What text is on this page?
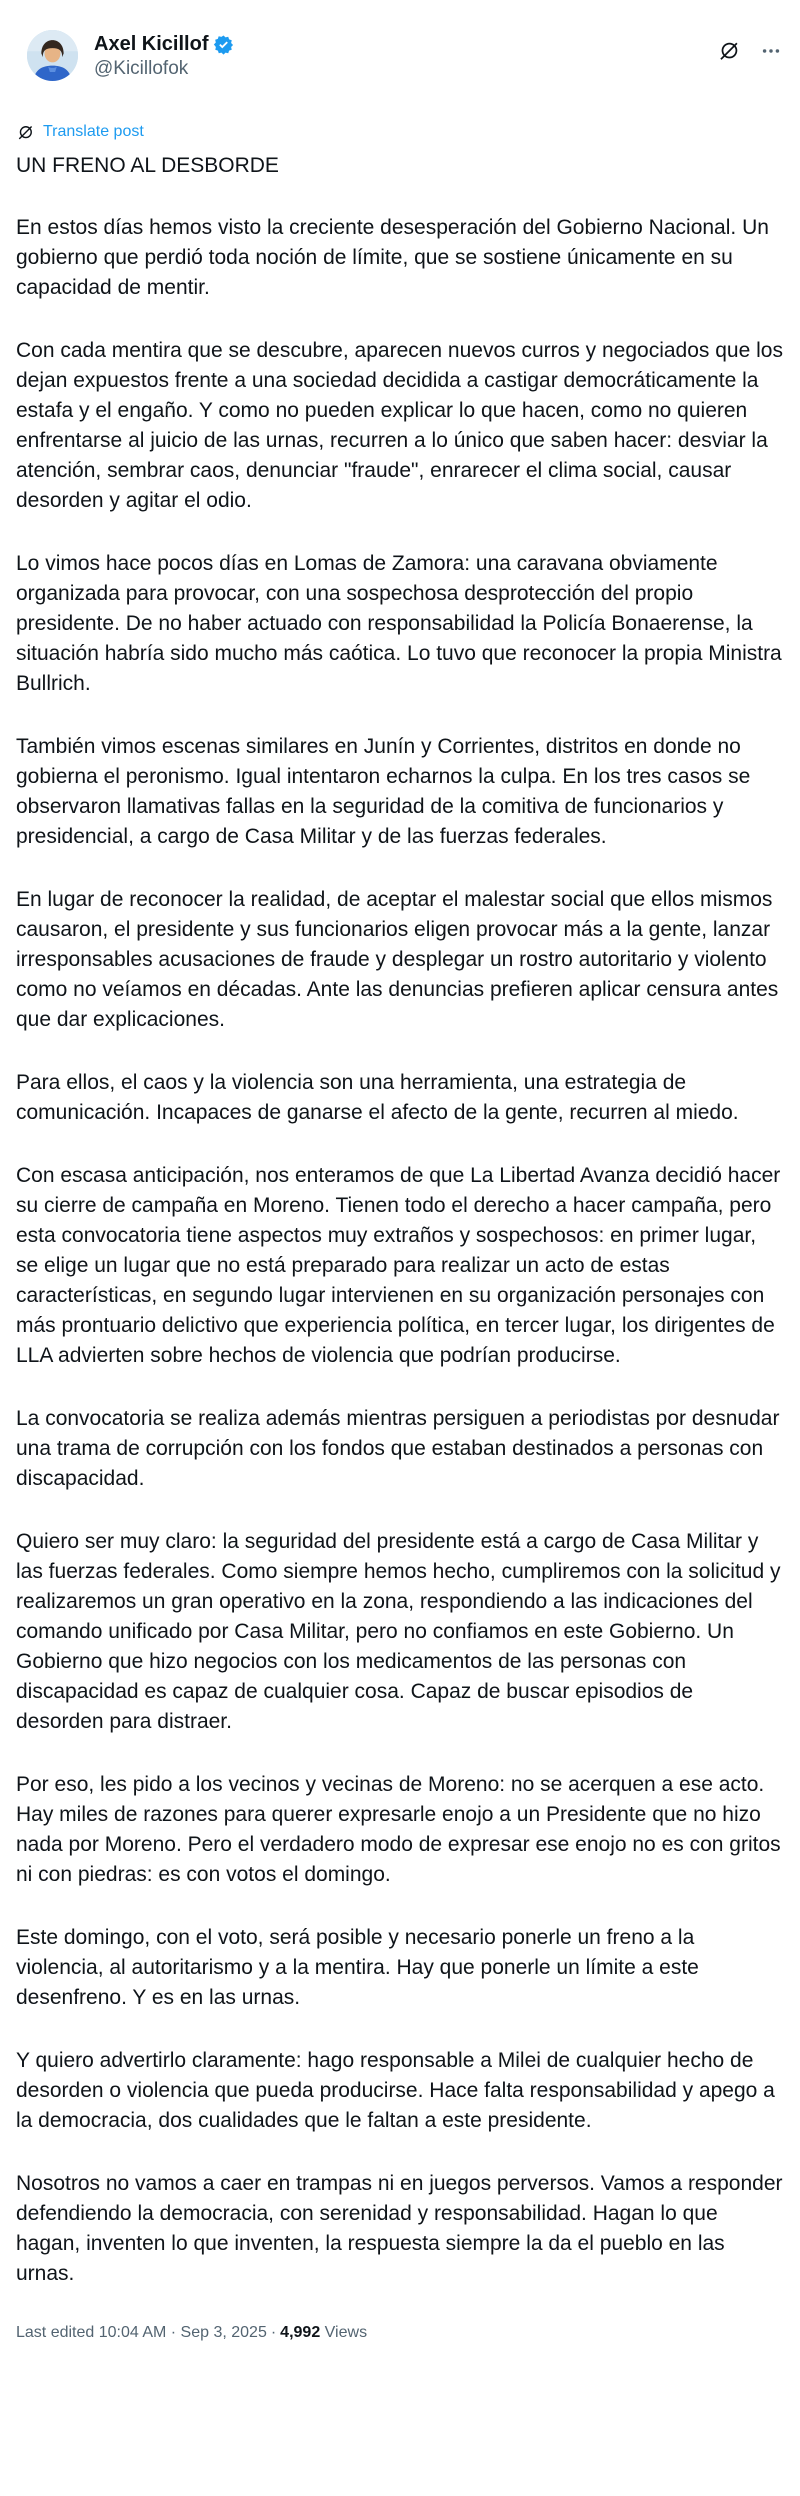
Axel Kicillof
@Kicillofok
Translate post
UN FRENO AL DESBORDE

En estos días hemos visto la creciente desesperación del Gobierno Nacional. Un gobierno que perdió toda noción de límite, que se sostiene únicamente en su capacidad de mentir.

Con cada mentira que se descubre, aparecen nuevos curros y negociados que los dejan expuestos frente a una sociedad decidida a castigar democráticamente la estafa y el engaño. Y como no pueden explicar lo que hacen, como no quieren enfrentarse al juicio de las urnas, recurren a lo único que saben hacer: desviar la atención, sembrar caos, denunciar "fraude", enrarecer el clima social, causar desorden y agitar el odio.

Lo vimos hace pocos días en Lomas de Zamora: una caravana obviamente organizada para provocar, con una sospechosa desprotección del propio presidente. De no haber actuado con responsabilidad la Policía Bonaerense, la situación habría sido mucho más caótica. Lo tuvo que reconocer la propia Ministra Bullrich.

También vimos escenas similares en Junín y Corrientes, distritos en donde no gobierna el peronismo. Igual intentaron echarnos la culpa. En los tres casos se observaron llamativas fallas en la seguridad de la comitiva de funcionarios y presidencial, a cargo de Casa Militar y de las fuerzas federales.

En lugar de reconocer la realidad, de aceptar el malestar social que ellos mismos causaron, el presidente y sus funcionarios eligen provocar más a la gente, lanzar irresponsables acusaciones de fraude y desplegar un rostro autoritario y violento como no veíamos en décadas. Ante las denuncias prefieren aplicar censura antes que dar explicaciones.

Para ellos, el caos y la violencia son una herramienta, una estrategia de comunicación. Incapaces de ganarse el afecto de la gente, recurren al miedo.

Con escasa anticipación, nos enteramos de que La Libertad Avanza decidió hacer su cierre de campaña en Moreno. Tienen todo el derecho a hacer campaña, pero esta convocatoria tiene aspectos muy extraños y sospechosos: en primer lugar, se elige un lugar que no está preparado para realizar un acto de estas características, en segundo lugar intervienen en su organización personajes con más prontuario delictivo que experiencia política, en tercer lugar, los dirigentes de LLA advierten sobre hechos de violencia que podrían producirse.

La convocatoria se realiza además mientras persiguen a periodistas por desnudar una trama de corrupción con los fondos que estaban destinados a personas con discapacidad.

Quiero ser muy claro: la seguridad del presidente está a cargo de Casa Militar y las fuerzas federales. Como siempre hemos hecho, cumpliremos con la solicitud y realizaremos un gran operativo en la zona, respondiendo a las indicaciones del comando unificado por Casa Militar, pero no confiamos en este Gobierno. Un Gobierno que hizo negocios con los medicamentos de las personas con discapacidad es capaz de cualquier cosa. Capaz de buscar episodios de desorden para distraer.

Por eso, les pido a los vecinos y vecinas de Moreno: no se acerquen a ese acto. Hay miles de razones para querer expresarle enojo a un Presidente que no hizo nada por Moreno. Pero el verdadero modo de expresar ese enojo no es con gritos ni con piedras: es con votos el domingo.

Este domingo, con el voto, será posible y necesario ponerle un freno a la violencia, al autoritarismo y a la mentira. Hay que ponerle un límite a este desenfreno. Y es en las urnas.

Y quiero advertirlo claramente: hago responsable a Milei de cualquier hecho de desorden o violencia que pueda producirse. Hace falta responsabilidad y apego a la democracia, dos cualidades que le faltan a este presidente.

Nosotros no vamos a caer en trampas ni en juegos perversos. Vamos a responder defendiendo la democracia, con serenidad y responsabilidad. Hagan lo que hagan, inventen lo que inventen, la respuesta siempre la da el pueblo en las urnas.

Last edited 10:04 AM · Sep 3, 2025 · 4,992 Views
